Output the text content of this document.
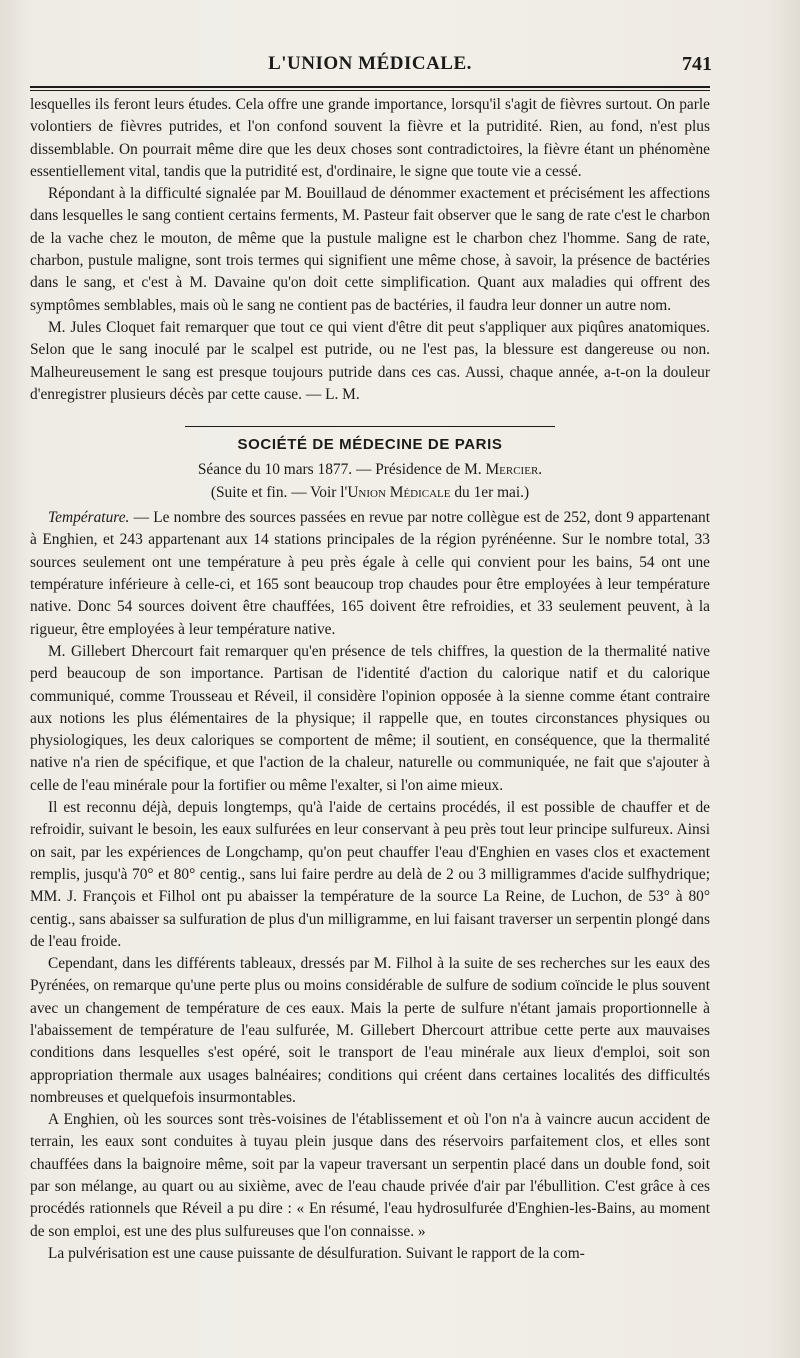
L'UNION MÉDICALE.	741

lesquelles ils feront leurs études. Cela offre une grande importance, lorsqu'il s'agit de fièvres surtout. On parle volontiers de fièvres putrides, et l'on confond souvent la fièvre et la putridité. Rien, au fond, n'est plus dissemblable. On pourrait même dire que les deux choses sont contradictoires, la fièvre étant un phénomène essentiellement vital, tandis que la putridité est, d'ordinaire, le signe que toute vie a cessé.

Répondant à la difficulté signalée par M. Bouillaud de dénommer exactement et précisément les affections dans lesquelles le sang contient certains ferments, M. Pasteur fait observer que le sang de rate c'est le charbon de la vache chez le mouton, de même que la pustule maligne est le charbon chez l'homme. Sang de rate, charbon, pustule maligne, sont trois termes qui signifient une même chose, à savoir, la présence de bactéries dans le sang, et c'est à M. Davaine qu'on doit cette simplification. Quant aux maladies qui offrent des symptômes semblables, mais où le sang ne contient pas de bactéries, il faudra leur donner un autre nom.

M. Jules Cloquet fait remarquer que tout ce qui vient d'être dit peut s'appliquer aux piqûres anatomiques. Selon que le sang inoculé par le scalpel est putride, ou ne l'est pas, la blessure est dangereuse ou non. Malheureusement le sang est presque toujours putride dans ces cas. Aussi, chaque année, a-t-on la douleur d'enregistrer plusieurs décès par cette cause. — L. M.

SOCIÉTÉ DE MÉDECINE DE PARIS
Séance du 10 mars 1877. — Présidence de M. Mercier.
(Suite et fin. — Voir l'Union Médicale du 1er mai.)

Température. — Le nombre des sources passées en revue par notre collègue est de 252, dont 9 appartenant à Enghien, et 243 appartenant aux 14 stations principales de la région pyrénéenne. Sur le nombre total, 33 sources seulement ont une température à peu près égale à celle qui convient pour les bains, 54 ont une température inférieure à celle-ci, et 165 sont beaucoup trop chaudes pour être employées à leur température native. Donc 54 sources doivent être chauffées, 165 doivent être refroidies, et 33 seulement peuvent, à la rigueur, être employées à leur température native.

M. Gillebert Dhercourt fait remarquer qu'en présence de tels chiffres, la question de la thermalité native perd beaucoup de son importance. Partisan de l'identité d'action du calorique natif et du calorique communiqué, comme Trousseau et Réveil, il considère l'opinion opposée à la sienne comme étant contraire aux notions les plus élémentaires de la physique; il rappelle que, en toutes circonstances physiques ou physiologiques, les deux caloriques se comportent de même; il soutient, en conséquence, que la thermalité native n'a rien de spécifique, et que l'action de la chaleur, naturelle ou communiquée, ne fait que s'ajouter à celle de l'eau minérale pour la fortifier ou même l'exalter, si l'on aime mieux.

Il est reconnu déjà, depuis longtemps, qu'à l'aide de certains procédés, il est possible de chauffer et de refroidir, suivant le besoin, les eaux sulfurées en leur conservant à peu près tout leur principe sulfureux. Ainsi on sait, par les expériences de Longchamp, qu'on peut chauffer l'eau d'Enghien en vases clos et exactement remplis, jusqu'à 70° et 80° centig., sans lui faire perdre au delà de 2 ou 3 milligrammes d'acide sulfhydrique; MM. J. François et Filhol ont pu abaisser la température de la source La Reine, de Luchon, de 53° à 80° centig., sans abaisser sa sulfuration de plus d'un milligramme, en lui faisant traverser un serpentin plongé dans de l'eau froide.

Cependant, dans les différents tableaux, dressés par M. Filhol à la suite de ses recherches sur les eaux des Pyrénées, on remarque qu'une perte plus ou moins considérable de sulfure de sodium coïncide le plus souvent avec un changement de température de ces eaux. Mais la perte de sulfure n'étant jamais proportionnelle à l'abaissement de température de l'eau sulfurée, M. Gillebert Dhercourt attribue cette perte aux mauvaises conditions dans lesquelles s'est opéré, soit le transport de l'eau minérale aux lieux d'emploi, soit son appropriation thermale aux usages balnéaires; conditions qui créent dans certaines localités des difficultés nombreuses et quelquefois insurmontables.

A Enghien, où les sources sont très-voisines de l'établissement et où l'on n'a à vaincre aucun accident de terrain, les eaux sont conduites à tuyau plein jusque dans des réservoirs parfaitement clos, et elles sont chauffées dans la baignoire même, soit par la vapeur traversant un serpentin placé dans un double fond, soit par son mélange, au quart ou au sixième, avec de l'eau chaude privée d'air par l'ébullition. C'est grâce à ces procédés rationnels que Réveil a pu dire : « En résumé, l'eau hydrosulfurée d'Enghien-les-Bains, au moment de son emploi, est une des plus sulfureuses que l'on connaisse. »

La pulvérisation est une cause puissante de désulfuration. Suivant le rapport de la com-
